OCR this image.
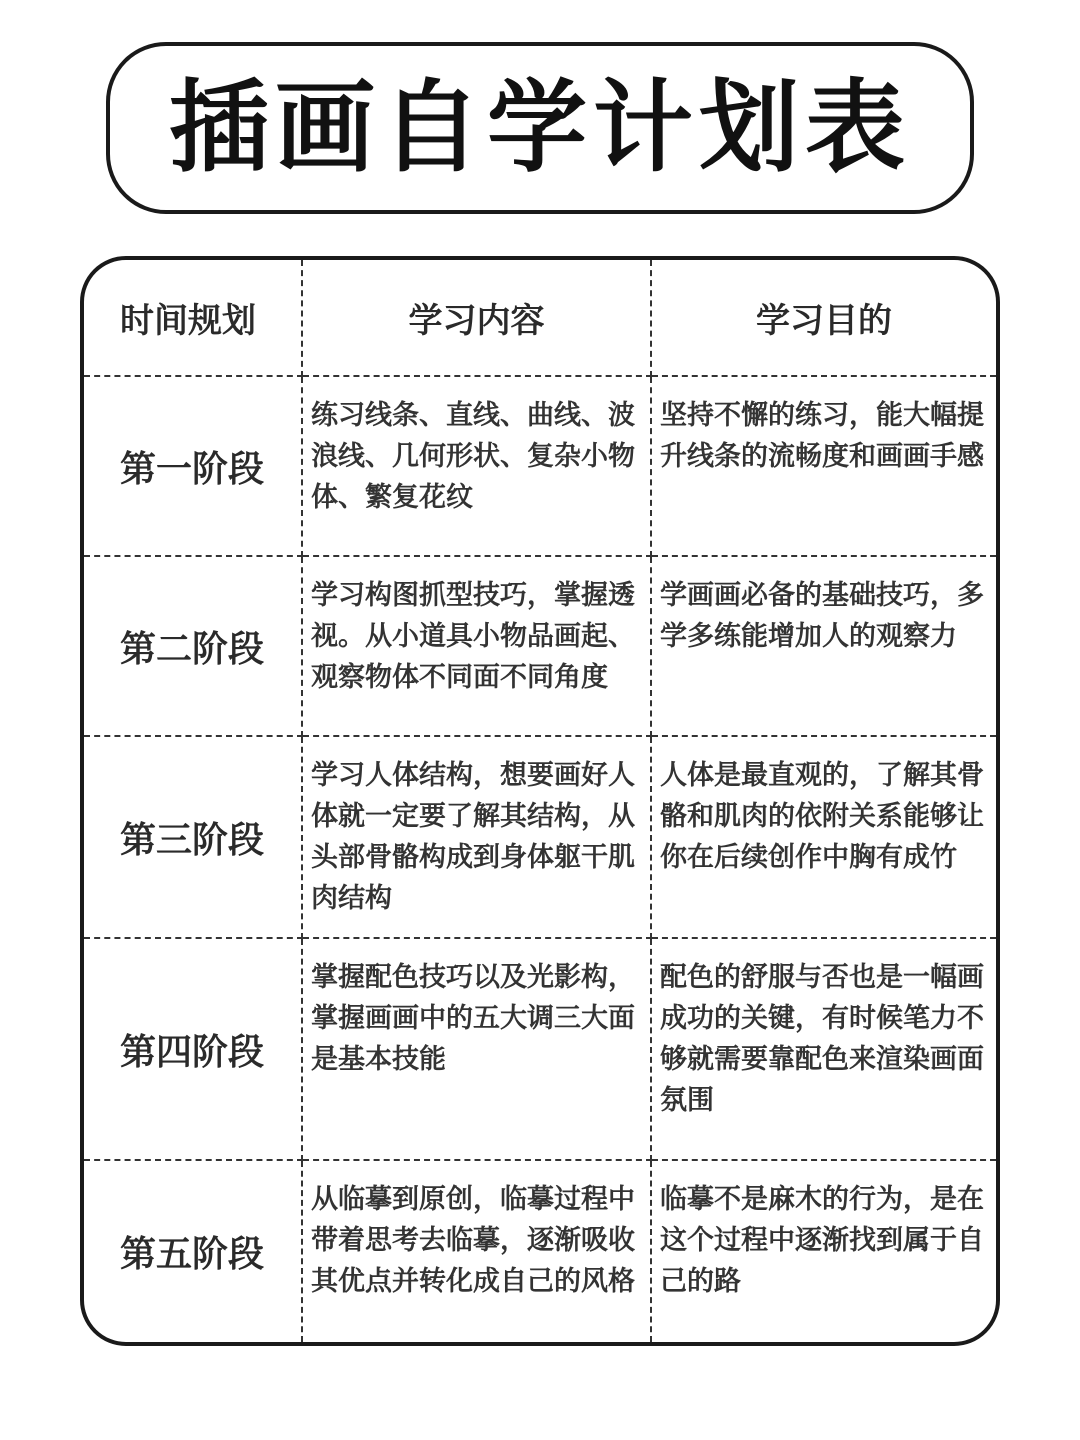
插画自学计划表
时间规划	学习内容	学习目的
第一阶段	练习线条、直线、曲线、波浪线、几何形状、复杂小物体、繁复花纹	坚持不懈的练习，能大幅提升线条的流畅度和画画手感
第二阶段	学习构图抓型技巧，掌握透视。从小道具小物品画起、观察物体不同面不同角度	学画画必备的基础技巧，多学多练能增加人的观察力
第三阶段	学习人体结构，想要画好人体就一定要了解其结构，从头部骨骼构成到身体躯干肌肉结构	人体是最直观的，了解其骨骼和肌肉的依附关系能够让你在后续创作中胸有成竹
第四阶段	掌握配色技巧以及光影构，掌握画画中的五大调三大面是基本技能	配色的舒服与否也是一幅画成功的关键，有时候笔力不够就需要靠配色来渲染画面氛围
第五阶段	从临摹到原创，临摹过程中带着思考去临摹，逐渐吸收其优点并转化成自己的风格	临摹不是麻木的行为，是在这个过程中逐渐找到属于自己的路
